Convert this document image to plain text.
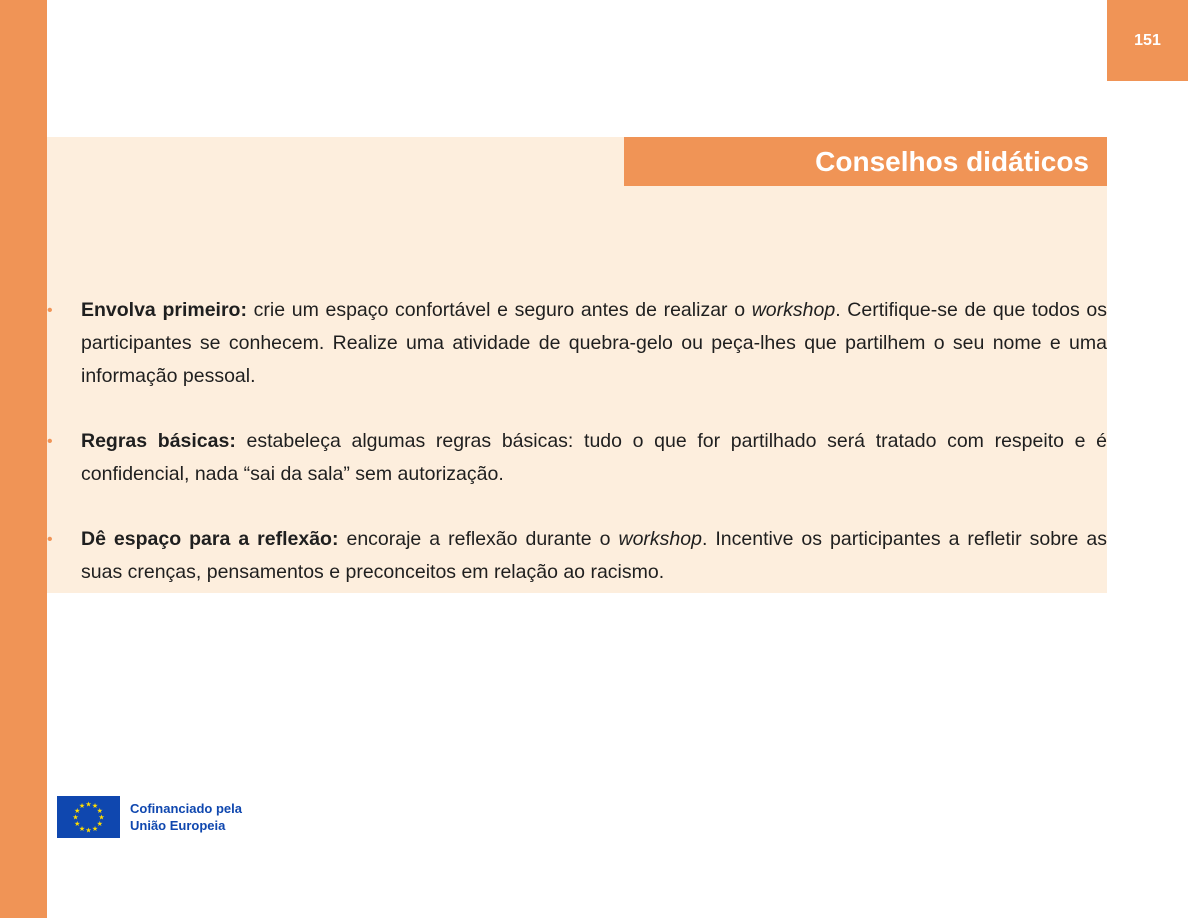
151
Conselhos didáticos
• Envolva primeiro: crie um espaço confortável e seguro antes de realizar o workshop. Certifique-se de que todos os participantes se conhecem. Realize uma atividade de quebra-gelo ou peça-lhes que partilhem o seu nome e uma informação pessoal.
• Regras básicas: estabeleça algumas regras básicas: tudo o que for partilhado será tratado com respeito e é confidencial, nada “sai da sala” sem autorização.
• Dê espaço para a reflexão: encoraje a reflexão durante o workshop. Incentive os participantes a refletir sobre as suas crenças, pensamentos e preconceitos em relação ao racismo.
★ ★
★
★
★
★
★
★
★
★
★
★	Cofinanciado pela
União Europeia
